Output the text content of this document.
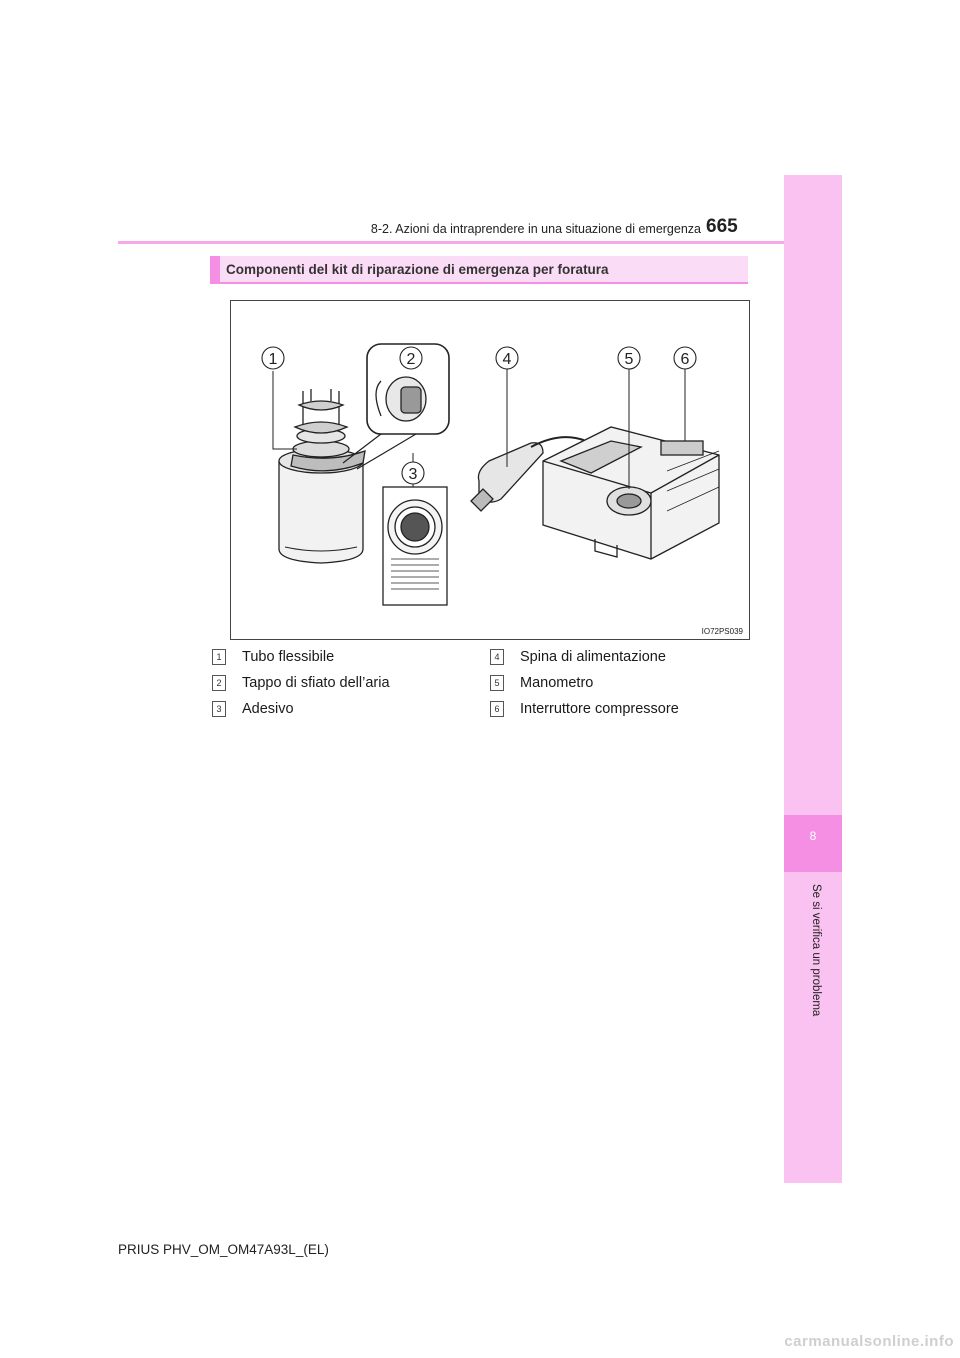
8
Se si verifica un problema
8-2. Azioni da intraprendere in una situazione di emergenza 665
Componenti del kit di riparazione di emergenza per foratura
1	2
3
4	5	6
IO72PS039
1	Tubo flessibile
2	Tappo di sfiato dell’aria
3	Adesivo
4	Spina di alimentazione
5	Manometro
6	Interruttore compressore
PRIUS PHV_OM_OM47A93L_(EL)
carmanualsonline.info
